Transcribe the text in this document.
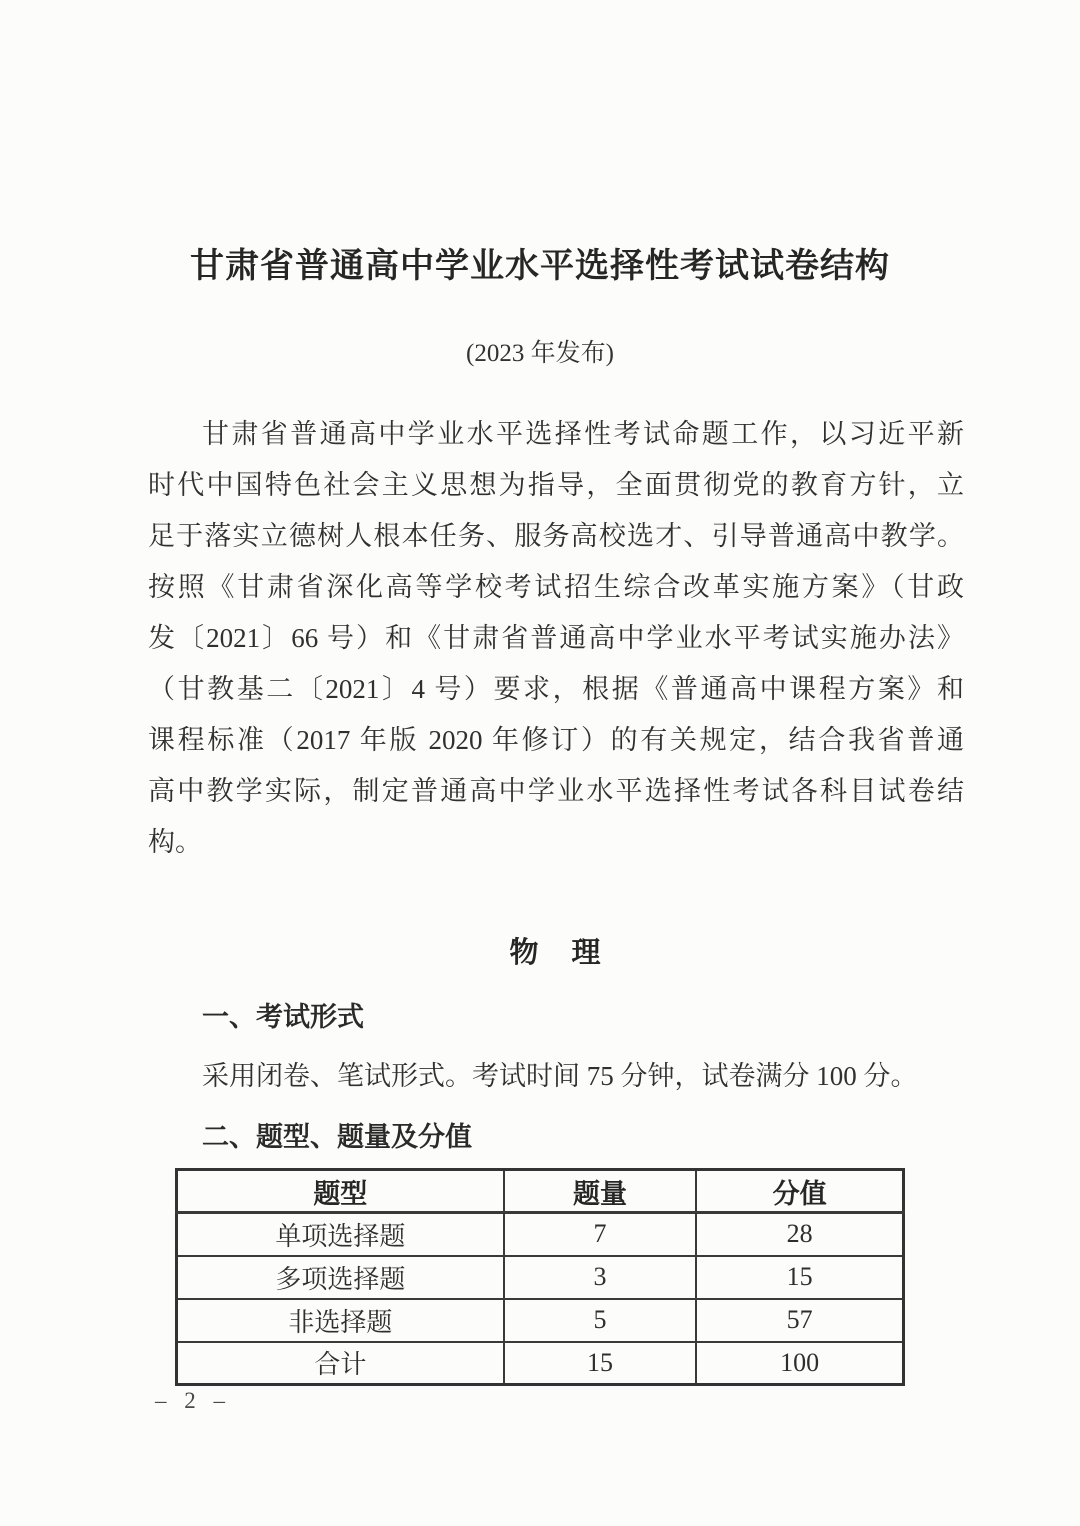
甘肃省普通高中学业水平选择性考试试卷结构
(2023 年发布)
甘肃省普通高中学业水平选择性考试命题工作，以习近平新
时代中国特色社会主义思想为指导，全面贯彻党的教育方针，立
足于落实立德树人根本任务、服务高校选才、引导普通高中教学。
按照《甘肃省深化高等学校考试招生综合改革实施方案》（甘政
发〔2021〕66 号）和《甘肃省普通高中学业水平考试实施办法》
（甘教基二〔2021〕4 号）要求，根据《普通高中课程方案》和
课程标准（2017 年版 2020 年修订）的有关规定，结合我省普通
高中教学实际，制定普通高中学业水平选择性考试各科目试卷结
构。
物　理
一、考试形式
采用闭卷、笔试形式。考试时间 75 分钟，试卷满分 100 分。
二、题型、题量及分值
题型	题量	分值
单项选择题	7	28
多项选择题	3	15
非选择题	5	57
合计	15	100
– 2 –
